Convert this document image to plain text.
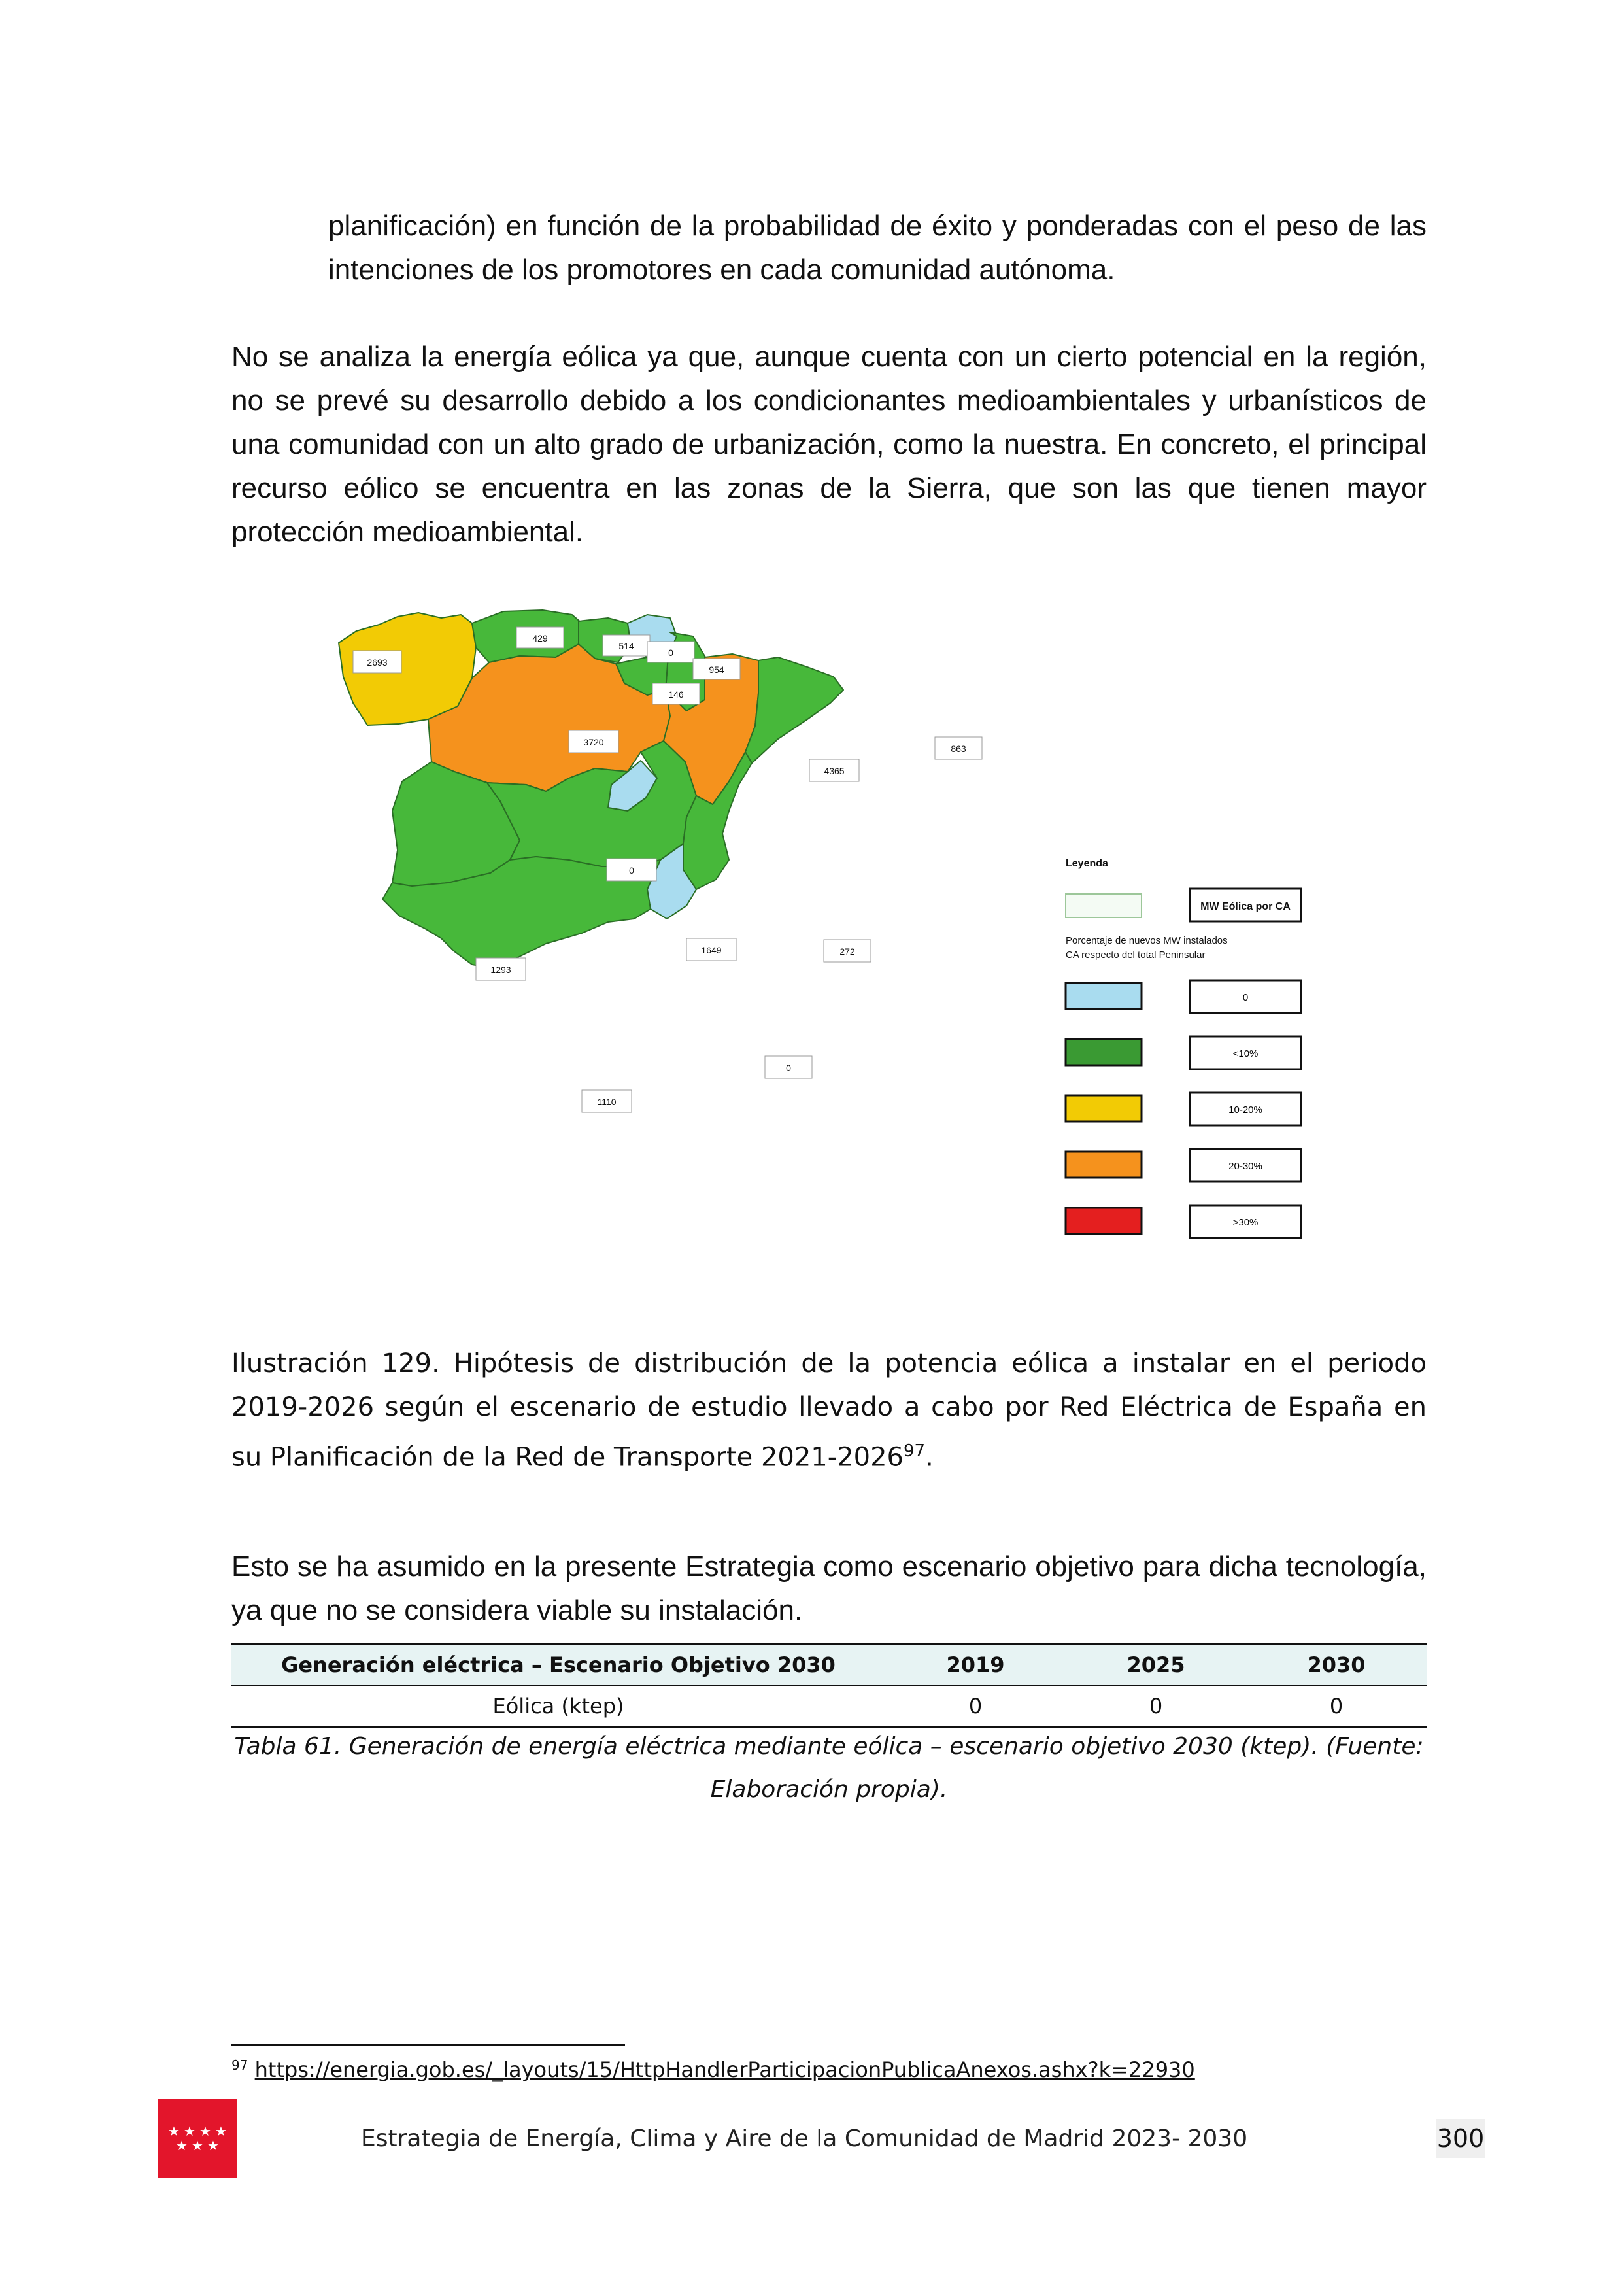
planificación) en función de la probabilidad de éxito y ponderadas con el peso de las intenciones de los promotores en cada comunidad autónoma.

No se analiza la energía eólica ya que, aunque cuenta con un cierto potencial en la región, no se prevé su desarrollo debido a los condicionantes medioambientales y urbanísticos de una comunidad con un alto grado de urbanización, como la nuestra. En concreto, el principal recurso eólico se encuentra en las zonas de la Sierra, que son las que tienen mayor protección medioambiental.

2693
429
514
0
954
146
3720
4365
863
0
1293
1649	272
0
1110
Leyenda
MW Eólica por CA
Porcentaje de nuevos MW instalados
CA respecto del total Peninsular
0
<10%
10-20%
20-30%
>30%
Ilustración 129. Hipótesis de distribución de la potencia eólica a instalar en el periodo 2019-2026 según el escenario de estudio llevado a cabo por Red Eléctrica de España en su Planificación de la Red de Transporte 2021-2026$^{97}$.

Esto se ha asumido en la presente Estrategia como escenario objetivo para dicha tecnología, ya que no se considera viable su instalación.

Generación eléctrica – Escenario Objetivo 2030	2019	2025	2030
Eólica (ktep)	0	0	0
Tabla 61. Generación de energía eléctrica mediante eólica – escenario objetivo 2030 (ktep). (Fuente:
Elaboración propia).
$^{97}$ https://energia.gob.es/_layouts/15/HttpHandlerParticipacionPublicaAnexos.ashx?k=22930
★ ★ ★ ★
★ ★ ★	Estrategia de Energía, Clima y Aire de la Comunidad de Madrid 2023- 2030	300
